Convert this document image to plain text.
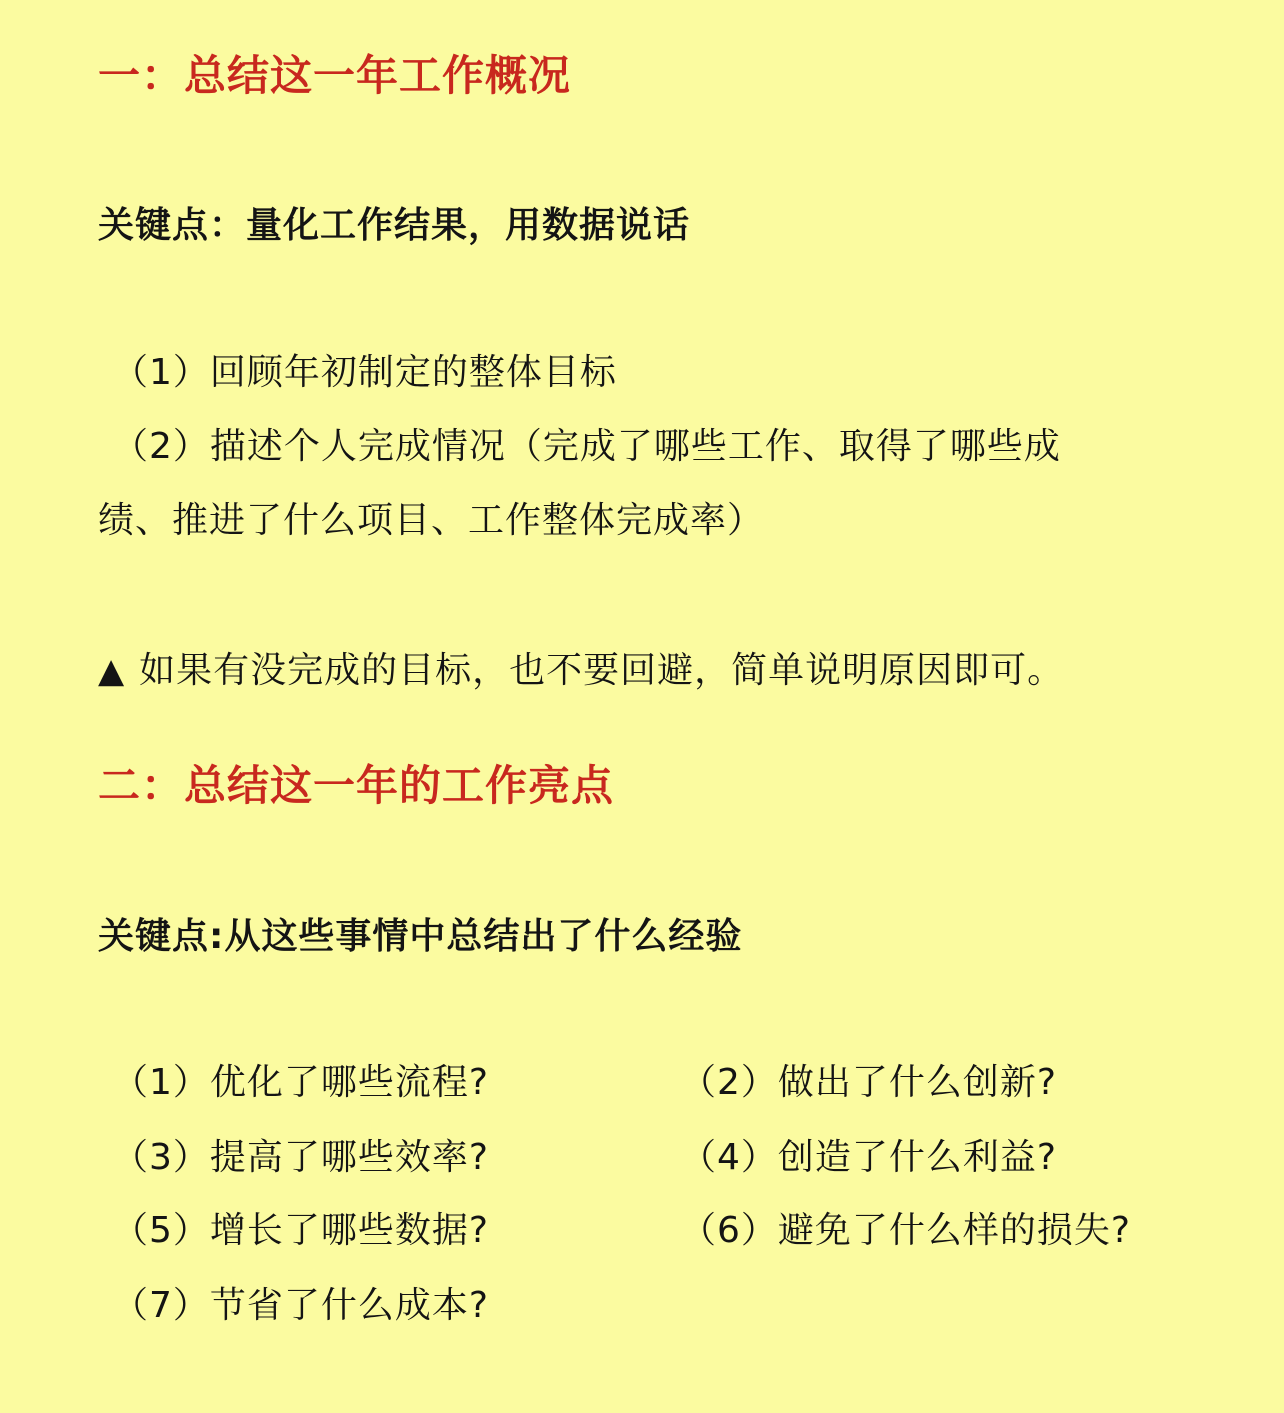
一：总结这一年工作概况
关键点：量化工作结果，用数据说话
（1）回顾年初制定的整体目标
（2）描述个人完成情况（完成了哪些工作、取得了哪些成
绩、推进了什么项目、工作整体完成率）
▲ 如果有没完成的目标，也不要回避，简单说明原因即可。
二：总结这一年的工作亮点
关键点:从这些事情中总结出了什么经验
（1）优化了哪些流程?	（2）做出了什么创新?
（3）提高了哪些效率?	（4）创造了什么利益?
（5）增长了哪些数据?	（6）避免了什么样的损失?
（7）节省了什么成本?
